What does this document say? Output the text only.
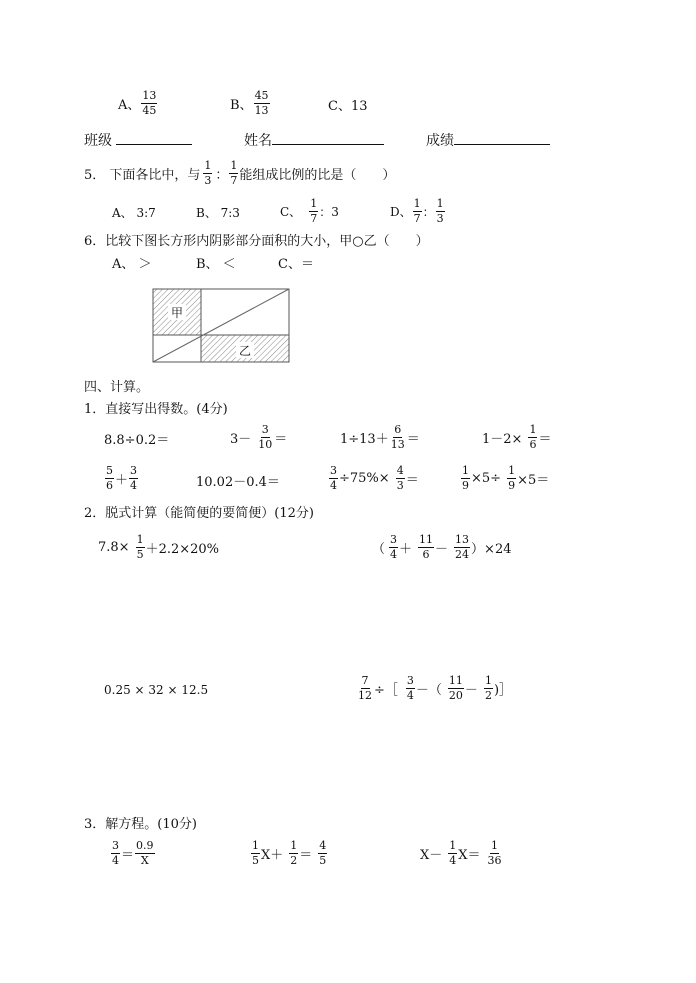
A、 $\frac{13}{45}$	B、 $\frac{45}{13}$	C、13
班级	姓名	成绩
5． 下面各比中，与 $\frac{1}{3}$ ： $\frac{1}{7}$ 能组成比例的比是（　　）
A、 3:7	B、 7:3	C、 $\frac{1}{7}$ ：3	D、 $\frac{1}{7}$ ： $\frac{1}{3}$
6．比较下图长方形内阴影部分面积的大小，甲○乙（　　）
A、 ＞	B、 ＜	C、＝
甲
乙
四、计算。
1．直接写出得数。(4分)
8.8÷0.2＝	$3- \frac{3}{10}$ ＝	$1\div 13+ \frac{6}{13}$ ＝	$1-2\times \frac{1}{6}$ ＝
$\frac{5}{6} + \frac{3}{4}$	10.02－0.4＝	$\frac{3}{4} \div 75\%\times \frac{4}{3}$ ＝	$\frac{1}{9} \times 5\div \frac{1}{9} \times 5=$
2．脱式计算（能简便的要简便）(12分)
$7.8\times \frac{1}{5} +2.2\times 20\%$	（ $\frac{3}{4} + \frac{11}{6} - \frac{13}{24} )\times 24$
0.25 × 32 × 12.5	$\frac{7}{12}$ ÷［ $\frac{3}{4}$ －（ $\frac{11}{20} - \frac{1}{2}$ )］
3．解方程。(10分)
$\frac{3}{4} = \frac{0.9}{X}$	$\frac{1}{5} X+ \frac{1}{2} = \frac{4}{5}$	$X- \frac{1}{4} X= \frac{1}{36}$
